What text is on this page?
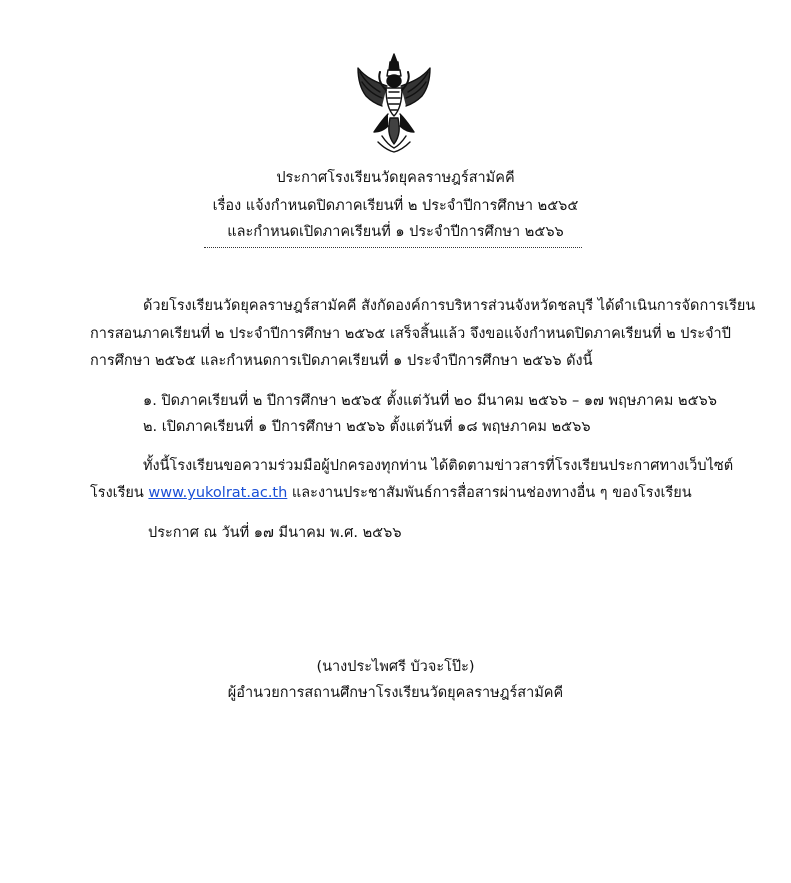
ประกาศโรงเรียนวัดยุคลราษฎร์สามัคคี
เรื่อง แจ้งกำหนดปิดภาคเรียนที่ ๒ ประจำปีการศึกษา ๒๕๖๕
และกำหนดเปิดภาคเรียนที่ ๑ ประจำปีการศึกษา ๒๕๖๖
ด้วยโรงเรียนวัดยุคลราษฎร์สามัคคี สังกัดองค์การบริหารส่วนจังหวัดชลบุรี ได้ดำเนินการจัดการเรียน
การสอนภาคเรียนที่ ๒ ประจำปีการศึกษา ๒๕๖๕ เสร็จสิ้นแล้ว จึงขอแจ้งกำหนดปิดภาคเรียนที่ ๒ ประจำปี
การศึกษา ๒๕๖๕ และกำหนดการเปิดภาคเรียนที่ ๑ ประจำปีการศึกษา ๒๕๖๖ ดังนี้
๑. ปิดภาคเรียนที่ ๒ ปีการศึกษา ๒๕๖๕ ตั้งแต่วันที่ ๒๐ มีนาคม ๒๕๖๖ – ๑๗ พฤษภาคม ๒๕๖๖
๒. เปิดภาคเรียนที่ ๑ ปีการศึกษา ๒๕๖๖ ตั้งแต่วันที่ ๑๘ พฤษภาคม ๒๕๖๖
ทั้งนี้โรงเรียนขอความร่วมมือผู้ปกครองทุกท่าน ได้ติดตามข่าวสารที่โรงเรียนประกาศทางเว็บไซต์
โรงเรียน www.yukolrat.ac.th และงานประชาสัมพันธ์การสื่อสารผ่านช่องทางอื่น ๆ ของโรงเรียน
ประกาศ ณ วันที่ ๑๗ มีนาคม พ.ศ. ๒๕๖๖
(นางประไพศรี บัวจะโป๊ะ)
ผู้อำนวยการสถานศึกษาโรงเรียนวัดยุคลราษฎร์สามัคคี
